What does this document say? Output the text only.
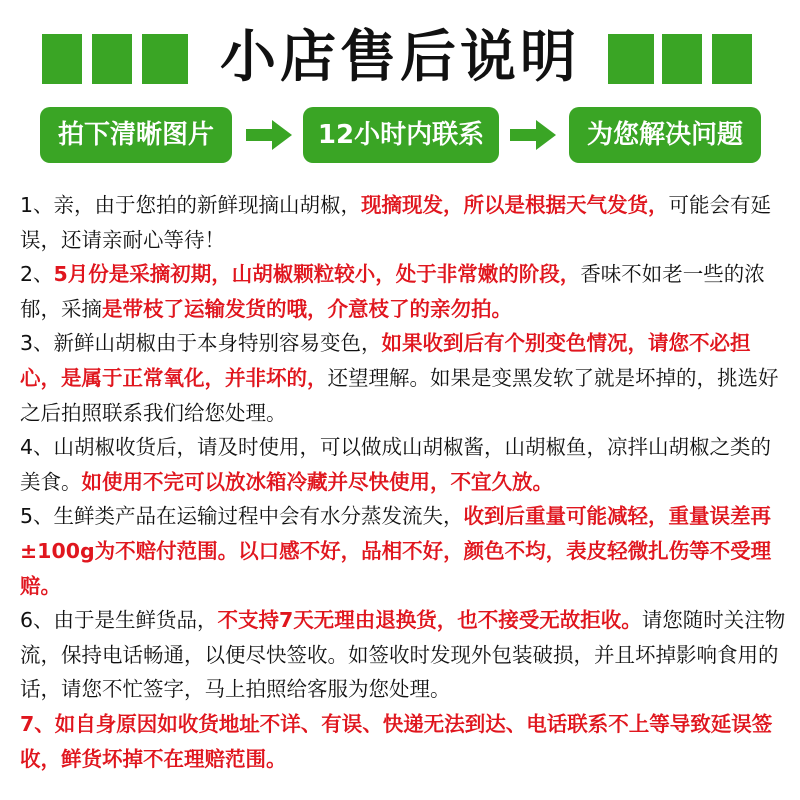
小店售后说明
拍下清晰图片	12小时内联系	为您解决问题

1、亲，由于您拍的新鲜现摘山胡椒，现摘现发，所以是根据天气发货，可能会有延误，还请亲耐心等待！

2、5月份是采摘初期，山胡椒颗粒较小，处于非常嫩的阶段，香味不如老一些的浓郁，采摘是带枝了运输发货的哦，介意枝了的亲勿拍。

3、新鲜山胡椒由于本身特别容易变色，如果收到后有个别变色情况，请您不必担心，是属于正常氧化，并非坏的，还望理解。如果是变黑发软了就是坏掉的，挑选好之后拍照联系我们给您处理。

4、山胡椒收货后，请及时使用，可以做成山胡椒酱，山胡椒鱼，凉拌山胡椒之类的美食。如使用不完可以放冰箱冷藏并尽快使用，不宜久放。

5、生鲜类产品在运输过程中会有水分蒸发流失，收到后重量可能减轻，重量误差再±100g为不赔付范围。以口感不好，品相不好，颜色不均，表皮轻微扎伤等不受理赔。

6、由于是生鲜货品，不支持7天无理由退换货，也不接受无故拒收。请您随时关注物流，保持电话畅通，以便尽快签收。如签收时发现外包装破损，并且坏掉影响食用的话，请您不忙签字，马上拍照给客服为您处理。

7、如自身原因如收货地址不详、有误、快递无法到达、电话联系不上等导致延误签收，鲜货坏掉不在理赔范围。
